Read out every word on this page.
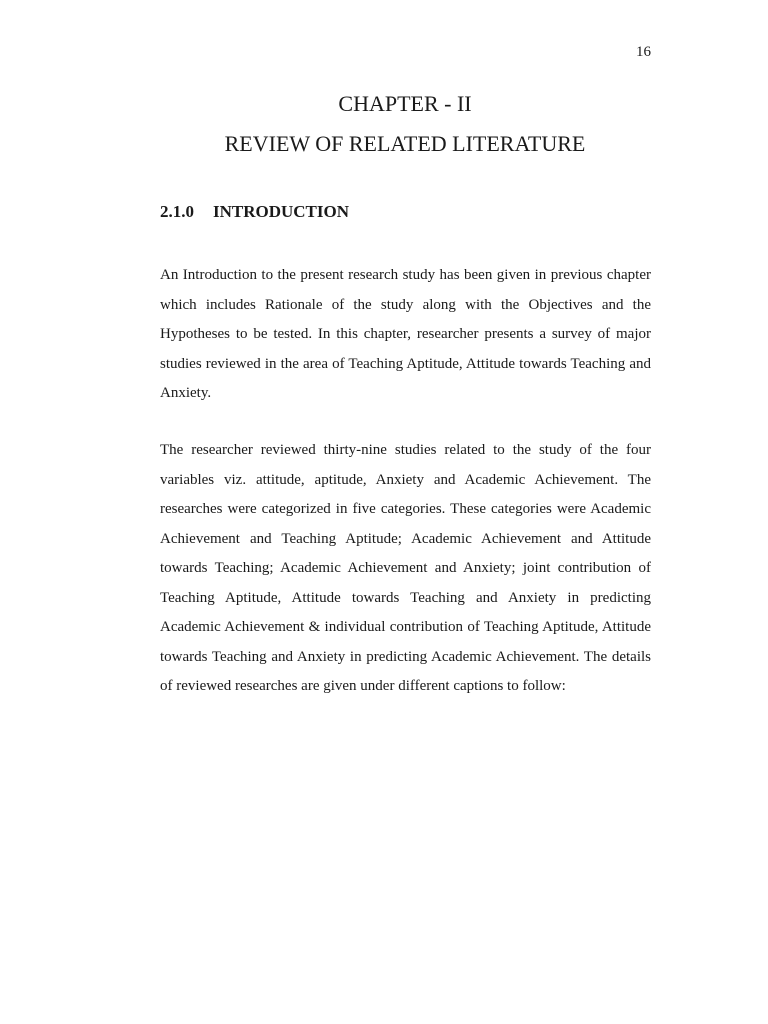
16
CHAPTER - II
REVIEW OF RELATED LITERATURE
2.1.0 INTRODUCTION

An Introduction to the present research study has been given in previous chapter which includes Rationale of the study along with the Objectives and the Hypotheses to be tested. In this chapter, researcher presents a survey of major studies reviewed in the area of Teaching Aptitude, Attitude towards Teaching and Anxiety.

The researcher reviewed thirty-nine studies related to the study of the four variables viz. attitude, aptitude, Anxiety and Academic Achievement. The researches were categorized in five categories. These categories were Academic Achievement and Teaching Aptitude; Academic Achievement and Attitude towards Teaching; Academic Achievement and Anxiety; joint contribution of Teaching Aptitude, Attitude towards Teaching and Anxiety in predicting Academic Achievement & individual contribution of Teaching Aptitude, Attitude towards Teaching and Anxiety in predicting Academic Achievement. The details of reviewed researches are given under different captions to follow:
